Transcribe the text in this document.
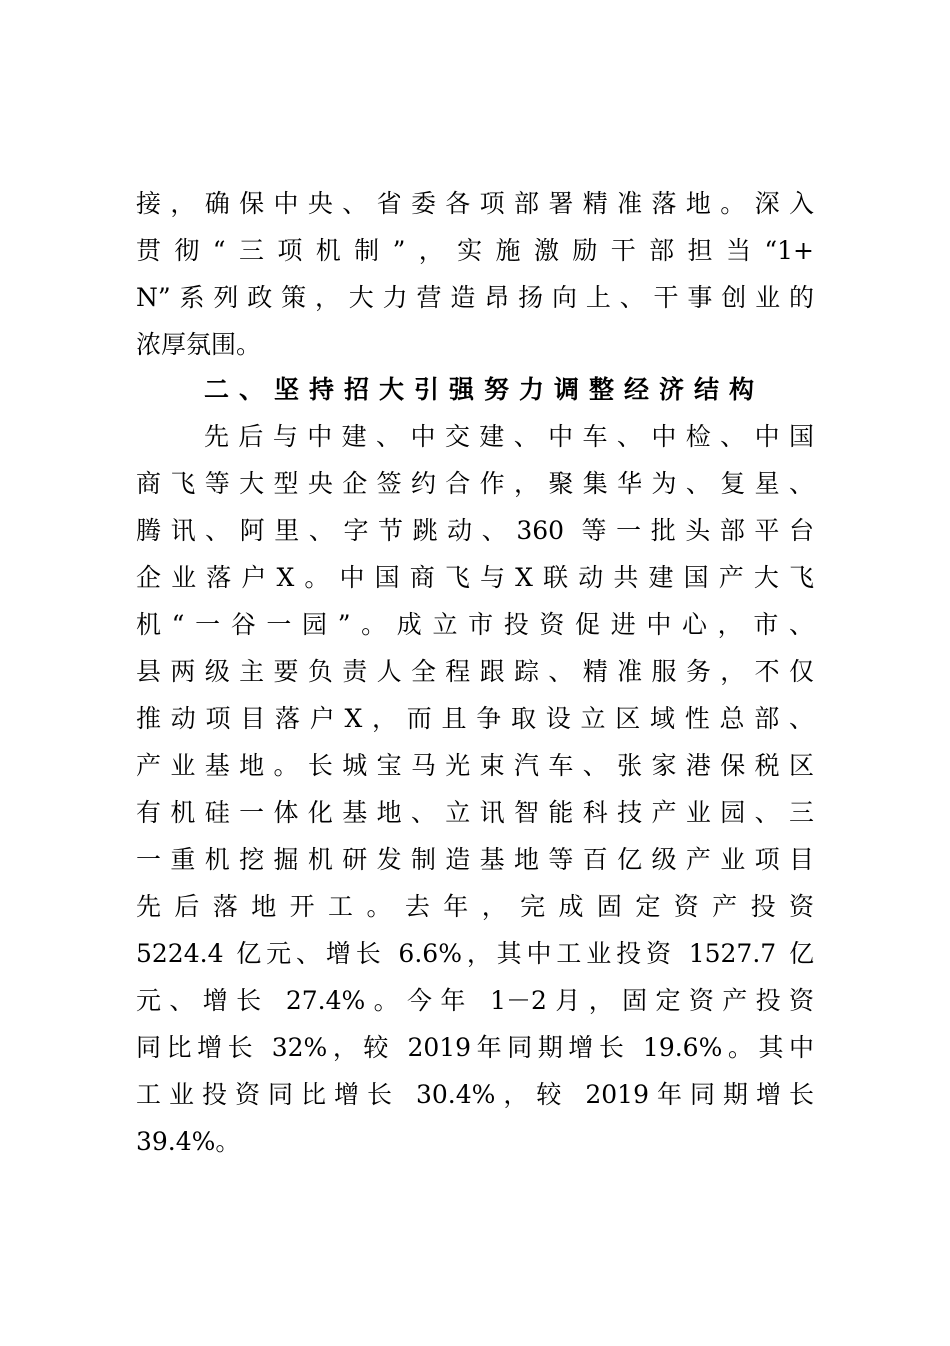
接，确保中央、省委各项部署精准落地。深入
贯彻“三项机制”，实施激励干部担当“1+
N”系列政策，大力营造昂扬向上、干事创业的
浓厚氛围。
二、坚持招大引强努力调整经济结构
先后与中建、中交建、中车、中检、中国
商飞等大型央企签约合作，聚集华为、复星、
腾讯、阿里、字节跳动、360 等一批头部平台
企业落户X。中国商飞与X联动共建国产大飞
机“一谷一园”。成立市投资促进中心，市、
县两级主要负责人全程跟踪、精准服务，不仅
推动项目落户X，而且争取设立区域性总部、
产业基地。长城宝马光束汽车、张家港保税区
有机硅一体化基地、立讯智能科技产业园、三
一重机挖掘机研发制造基地等百亿级产业项目
先后落地开工。去年，完成固定资产投资
5224.4 亿元、增长 6.6%，其中工业投资 1527.7 亿
元、增长 27.4%。今年 1－2月，固定资产投资
同比增长 32%，较 2019年同期增长 19.6%。其中
工业投资同比增长 30.4%，较 2019年同期增长
39.4%。
